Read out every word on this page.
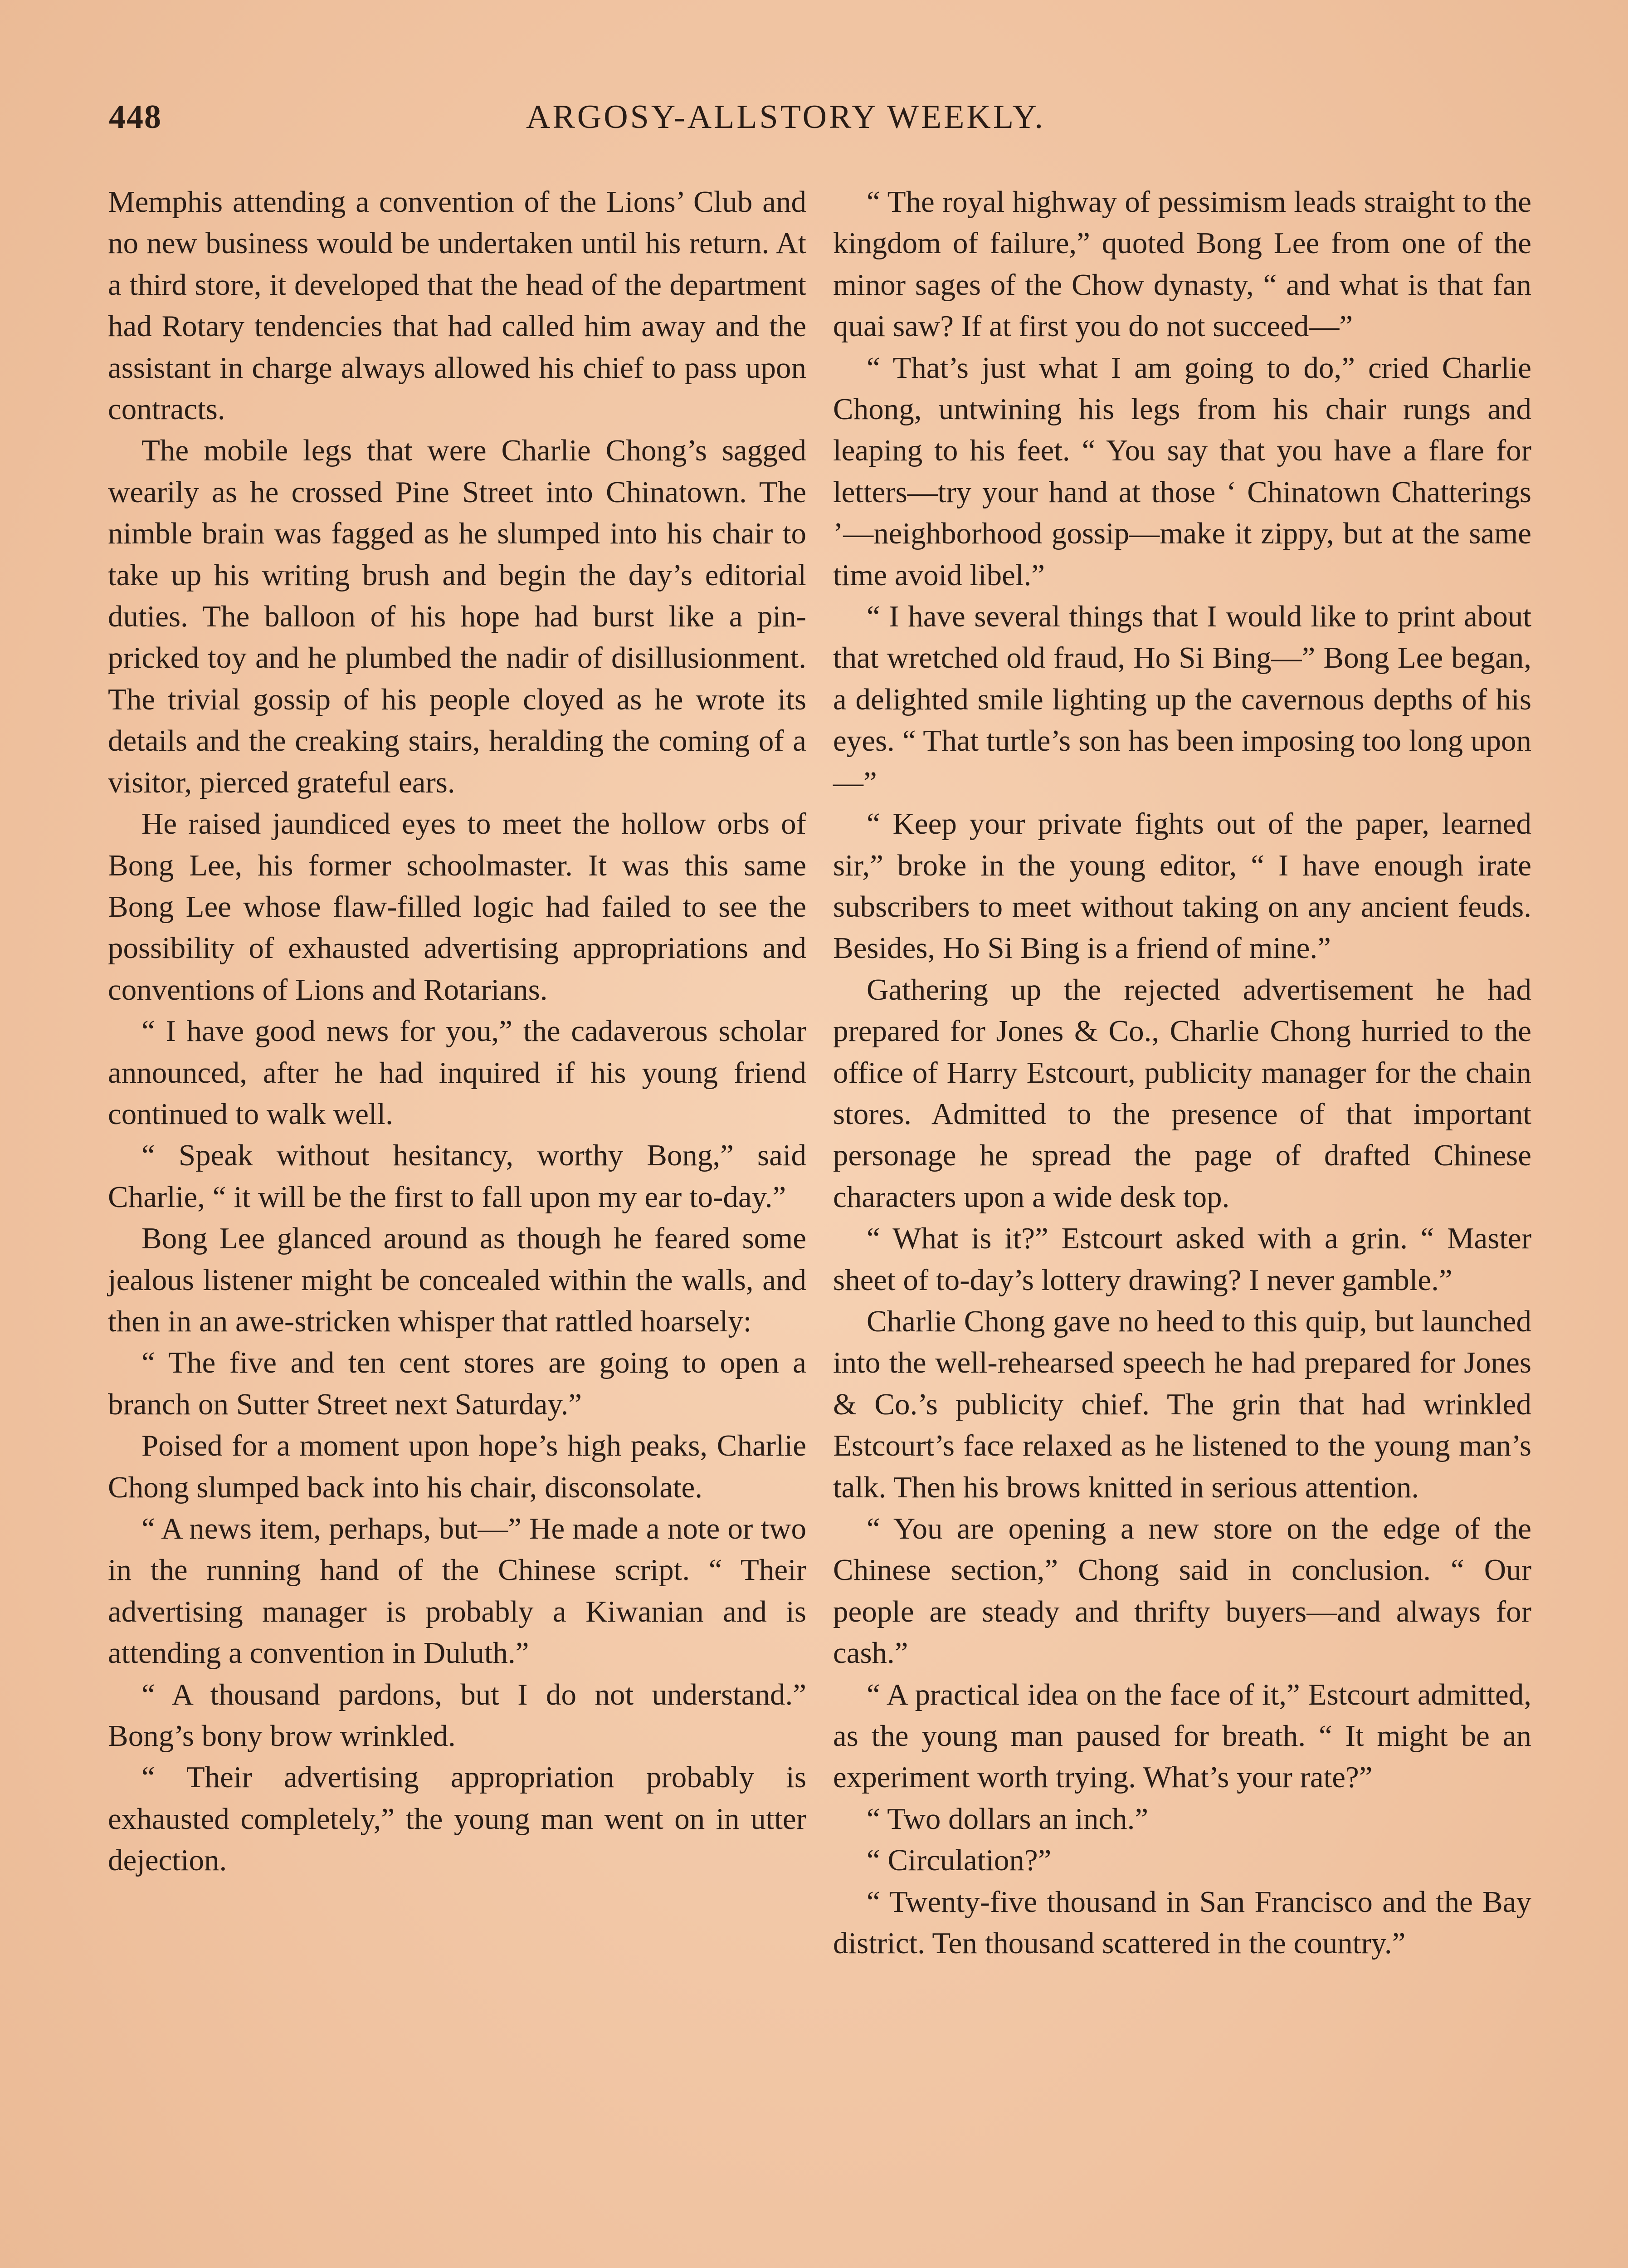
448	ARGOSY-ALLSTORY WEEKLY.

Memphis attending a convention of the Lions’ Club and no new business would be undertaken until his return. At a third store, it developed that the head of the department had Rotary tendencies that had called him away and the assistant in charge always allowed his chief to pass upon contracts.

The mobile legs that were Charlie Chong’s sagged wearily as he crossed Pine Street into Chinatown. The nimble brain was fagged as he slumped into his chair to take up his writing brush and begin the day’s editorial duties. The balloon of his hope had burst like a pin-pricked toy and he plumbed the nadir of disillusionment. The trivial gossip of his people cloyed as he wrote its details and the creaking stairs, heralding the coming of a visitor, pierced grateful ears.

He raised jaundiced eyes to meet the hollow orbs of Bong Lee, his former schoolmaster. It was this same Bong Lee whose flaw-filled logic had failed to see the possibility of exhausted advertising appropriations and conventions of Lions and Rotarians.

“ I have good news for you,” the cadaverous scholar announced, after he had inquired if his young friend continued to walk well.

“ Speak without hesitancy, worthy Bong,” said Charlie, “ it will be the first to fall upon my ear to-day.”

Bong Lee glanced around as though he feared some jealous listener might be concealed within the walls, and then in an awe-stricken whisper that rattled hoarsely:

“ The five and ten cent stores are going to open a branch on Sutter Street next Saturday.”

Poised for a moment upon hope’s high peaks, Charlie Chong slumped back into his chair, disconsolate.

“ A news item, perhaps, but—” He made a note or two in the running hand of the Chinese script. “ Their advertising manager is probably a Kiwanian and is attending a convention in Duluth.”

“ A thousand pardons, but I do not understand.” Bong’s bony brow wrinkled.

“ Their advertising appropriation probably is exhausted completely,” the young man went on in utter dejection.

“ The royal highway of pessimism leads straight to the kingdom of failure,” quoted Bong Lee from one of the minor sages of the Chow dynasty, “ and what is that fan quai saw? If at first you do not succeed—”

“ That’s just what I am going to do,” cried Charlie Chong, untwining his legs from his chair rungs and leaping to his feet. “ You say that you have a flare for letters—try your hand at those ‘ Chinatown Chatterings ’—neighborhood gossip—make it zippy, but at the same time avoid libel.”

“ I have several things that I would like to print about that wretched old fraud, Ho Si Bing—” Bong Lee began, a delighted smile lighting up the cavernous depths of his eyes. “ That turtle’s son has been imposing too long upon—”

“ Keep your private fights out of the paper, learned sir,” broke in the young editor, “ I have enough irate subscribers to meet without taking on any ancient feuds. Besides, Ho Si Bing is a friend of mine.”

Gathering up the rejected advertisement he had prepared for Jones & Co., Charlie Chong hurried to the office of Harry Estcourt, publicity manager for the chain stores. Admitted to the presence of that important personage he spread the page of drafted Chinese characters upon a wide desk top.

“ What is it?” Estcourt asked with a grin. “ Master sheet of to-day’s lottery drawing? I never gamble.”

Charlie Chong gave no heed to this quip, but launched into the well-rehearsed speech he had prepared for Jones & Co.’s publicity chief. The grin that had wrinkled Estcourt’s face relaxed as he listened to the young man’s talk. Then his brows knitted in serious attention.

“ You are opening a new store on the edge of the Chinese section,” Chong said in conclusion. “ Our people are steady and thrifty buyers—and always for cash.”

“ A practical idea on the face of it,” Estcourt admitted, as the young man paused for breath. “ It might be an experiment worth trying. What’s your rate?”

“ Two dollars an inch.”

“ Circulation?”

“ Twenty-five thousand in San Francisco and the Bay district. Ten thousand scattered in the country.”
